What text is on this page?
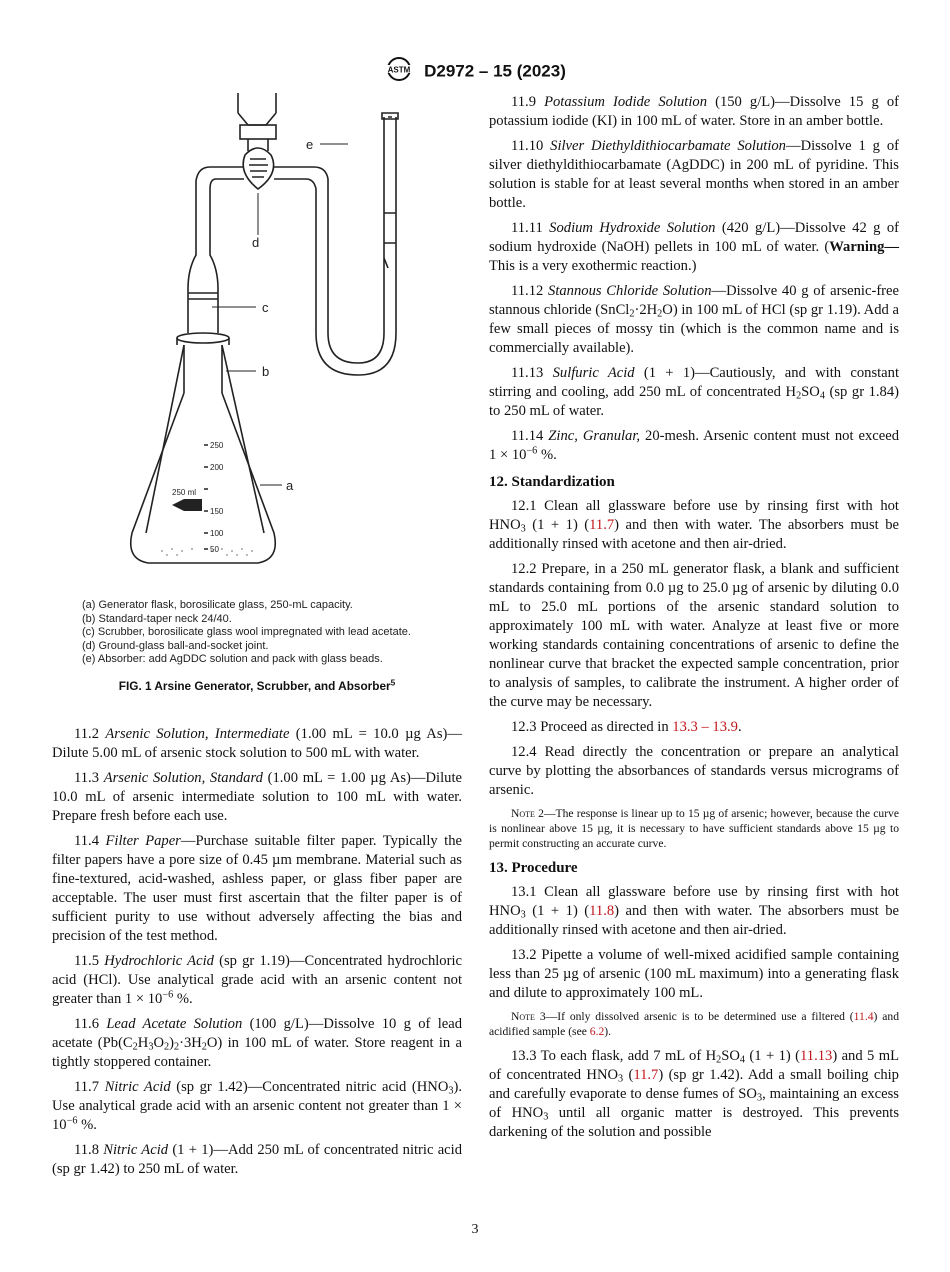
ASTM D2972 – 15 (2023)
250
200
150
100
50
250 ml
e
d
c
b
a
(a) Generator flask, borosilicate glass, 250-mL capacity.
(b) Standard-taper neck 24/40.
(c) Scrubber, borosilicate glass wool impregnated with lead acetate.
(d) Ground-glass ball-and-socket joint.
(e) Absorber: add AgDDC solution and pack with glass beads.
FIG. 1 Arsine Generator, Scrubber, and Absorber$^5$

11.2 Arsenic Solution, Intermediate (1.00 mL = 10.0 µg As)—Dilute 5.00 mL of arsenic stock solution to 500 mL with water.

11.3 Arsenic Solution, Standard (1.00 mL = 1.00 µg As)—Dilute 10.0 mL of arsenic intermediate solution to 100 mL with water. Prepare fresh before each use.

11.4 Filter Paper—Purchase suitable filter paper. Typically the filter papers have a pore size of 0.45 µm membrane. Material such as fine-textured, acid-washed, ashless paper, or glass fiber paper are acceptable. The user must first ascertain that the filter paper is of sufficient purity to use without adversely affecting the bias and precision of the test method.

11.5 Hydrochloric Acid (sp gr 1.19)—Concentrated hydrochloric acid (HCl). Use analytical grade acid with an arsenic content not greater than $1 \times 10^{-6}$ %.

11.6 Lead Acetate Solution (100 g/L)—Dissolve 10 g of lead acetate $(Pb(C_2H_3O_2)_2\cdot 3H_2O)$ in 100 mL of water. Store reagent in a tightly stoppered container.

11.7 Nitric Acid (sp gr 1.42)—Concentrated nitric acid $(HNO_3)$. Use analytical grade acid with an arsenic content not greater than $1 \times 10^{-6}$ %.

11.8 Nitric Acid (1 + 1)—Add 250 mL of concentrated nitric acid (sp gr 1.42) to 250 mL of water.

11.9 Potassium Iodide Solution (150 g/L)—Dissolve 15 g of potassium iodide (KI) in 100 mL of water. Store in an amber bottle.

11.10 Silver Diethyldithiocarbamate Solution—Dissolve 1 g of silver diethyldithiocarbamate (AgDDC) in 200 mL of pyridine. This solution is stable for at least several months when stored in an amber bottle.

11.11 Sodium Hydroxide Solution (420 g/L)—Dissolve 42 g of sodium hydroxide (NaOH) pellets in 100 mL of water. (Warning—This is a very exothermic reaction.)

11.12 Stannous Chloride Solution—Dissolve 40 g of arsenic-free stannous chloride $(SnCl_2\cdot 2H_2O)$ in 100 mL of HCl (sp gr 1.19). Add a few small pieces of mossy tin (which is the common name and is commercially available).

11.13 Sulfuric Acid (1 + 1)—Cautiously, and with constant stirring and cooling, add 250 mL of concentrated $H_2SO_4$ (sp gr 1.84) to 250 mL of water.

11.14 Zinc, Granular, 20-mesh. Arsenic content must not exceed $1 \times 10^{-6}$ %.

12. Standardization

12.1 Clean all glassware before use by rinsing first with hot $HNO_3$ (1 + 1) (11.7) and then with water. The absorbers must be additionally rinsed with acetone and then air-dried.

12.2 Prepare, in a 250 mL generator flask, a blank and sufficient standards containing from 0.0 µg to 25.0 µg of arsenic by diluting 0.0 mL to 25.0 mL portions of the arsenic standard solution to approximately 100 mL with water. Analyze at least five or more working standards containing concentrations of arsenic to define the nonlinear curve that bracket the expected sample concentration, prior to analysis of samples, to calibrate the instrument. A higher order of the curve may be necessary.

12.3 Proceed as directed in 13.3 – 13.9.

12.4 Read directly the concentration or prepare an analytical curve by plotting the absorbances of standards versus micrograms of arsenic.

Note 2—The response is linear up to 15 µg of arsenic; however, because the curve is nonlinear above 15 µg, it is necessary to have sufficient standards above 15 µg to permit constructing an accurate curve.

13. Procedure

13.1 Clean all glassware before use by rinsing first with hot $HNO_3$ (1 + 1) (11.8) and then with water. The absorbers must be additionally rinsed with acetone and then air-dried.

13.2 Pipette a volume of well-mixed acidified sample containing less than 25 µg of arsenic (100 mL maximum) into a generating flask and dilute to approximately 100 mL.

Note 3—If only dissolved arsenic is to be determined use a filtered (11.4) and acidified sample (see 6.2).

13.3 To each flask, add 7 mL of $H_2SO_4$ (1 + 1) (11.13) and 5 mL of concentrated $HNO_3$ (11.7) (sp gr 1.42). Add a small boiling chip and carefully evaporate to dense fumes of $SO_3$, maintaining an excess of $HNO_3$ until all organic matter is destroyed. This prevents darkening of the solution and possible

3
